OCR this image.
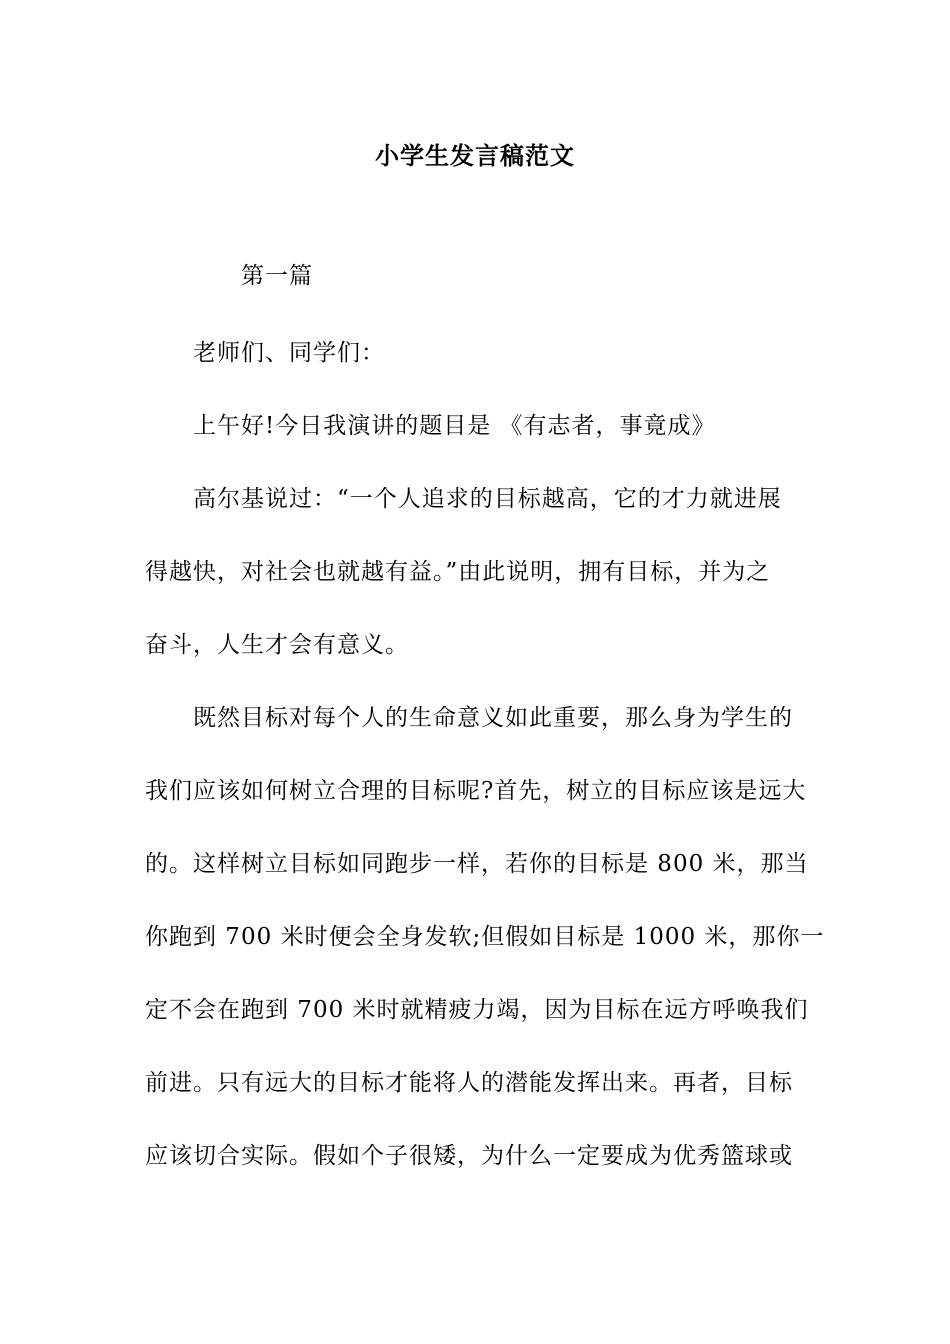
小学生发言稿范文
第一篇
老师们、同学们：
上午好!今日我演讲的题目是 《有志者，事竟成》
高尔基说过：“一个人追求的目标越高，它的才力就进展
得越快，对社会也就越有益。”由此说明，拥有目标，并为之
奋斗，人生才会有意义。
既然目标对每个人的生命意义如此重要，那么身为学生的
我们应该如何树立合理的目标呢?首先，树立的目标应该是远大
的。这样树立目标如同跑步一样，若你的目标是 800 米，那当
你跑到 700 米时便会全身发软;但假如目标是 1000 米，那你一
定不会在跑到 700 米时就精疲力竭，因为目标在远方呼唤我们
前进。只有远大的目标才能将人的潜能发挥出来。再者，目标
应该切合实际。假如个子很矮，为什么一定要成为优秀篮球或
